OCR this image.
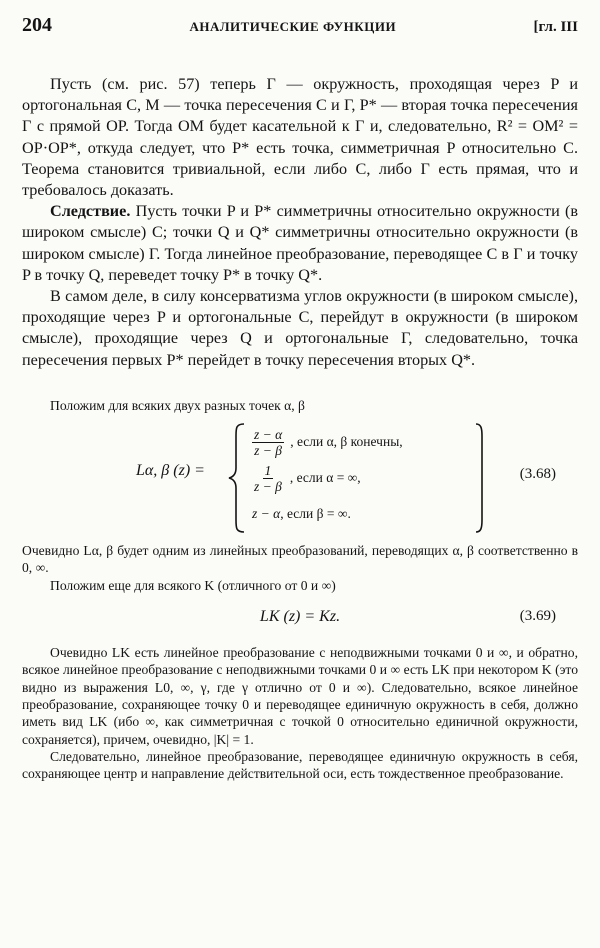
204	АНАЛИТИЧЕСКИЕ ФУНКЦИИ	[гл. III

Пусть (см. рис. 57) теперь Γ — окружность, проходящая через P и ортогональная C, M — точка пересечения C и Γ, P* — вторая точка пересечения Γ с прямой OP. Тогда OM будет касательной к Γ и, следовательно, R² = OM² = OP·OP*, откуда следует, что P* есть точка, симметричная P относительно C. Теорема становится тривиальной, если либо C, либо Γ есть прямая, что и требовалось доказать.

Следствие. Пусть точки P и P* симметричны относительно окружности (в широком смысле) C; точки Q и Q* симметричны относительно окружности (в широком смысле) Γ. Тогда линейное преобразование, переводящее C в Γ и точку P в точку Q, переведет точку P* в точку Q*.

В самом деле, в силу консерватизма углов окружности (в широком смысле), проходящие через P и ортогональные C, перейдут в окружности (в широком смысле), проходящие через Q и ортогональные Γ, следовательно, точка пересечения первых P* перейдет в точку пересечения вторых Q*.

Положим для всяких двух разных точек α, β

Lα, β (z) =
$\frac{z - \alpha}{z - \beta}$ , если α, β конечны,
$\frac{1}{z - \beta}$ , если α = ∞,
z − α , если β = ∞.
(3.68)

Очевидно Lα, β будет одним из линейных преобразований, переводящих α, β соответственно в 0, ∞.

Положим еще для всякого K (отличного от 0 и ∞)

LK (z) = Kz.	(3.69)

Очевидно LK есть линейное преобразование с неподвижными точками 0 и ∞, и обратно, всякое линейное преобразование с неподвижными точками 0 и ∞ есть LK при некотором K (это видно из выражения L0, ∞, γ, где γ отлично от 0 и ∞). Следовательно, всякое линейное преобразование, сохраняющее точку 0 и переводящее единичную окружность в себя, должно иметь вид LK (ибо ∞, как симметричная с точкой 0 относительно единичной окружности, сохраняется), причем, очевидно, |K| = 1.

Следовательно, линейное преобразование, переводящее единичную окружность в себя, сохраняющее центр и направление действительной оси, есть тождественное преобразование.
